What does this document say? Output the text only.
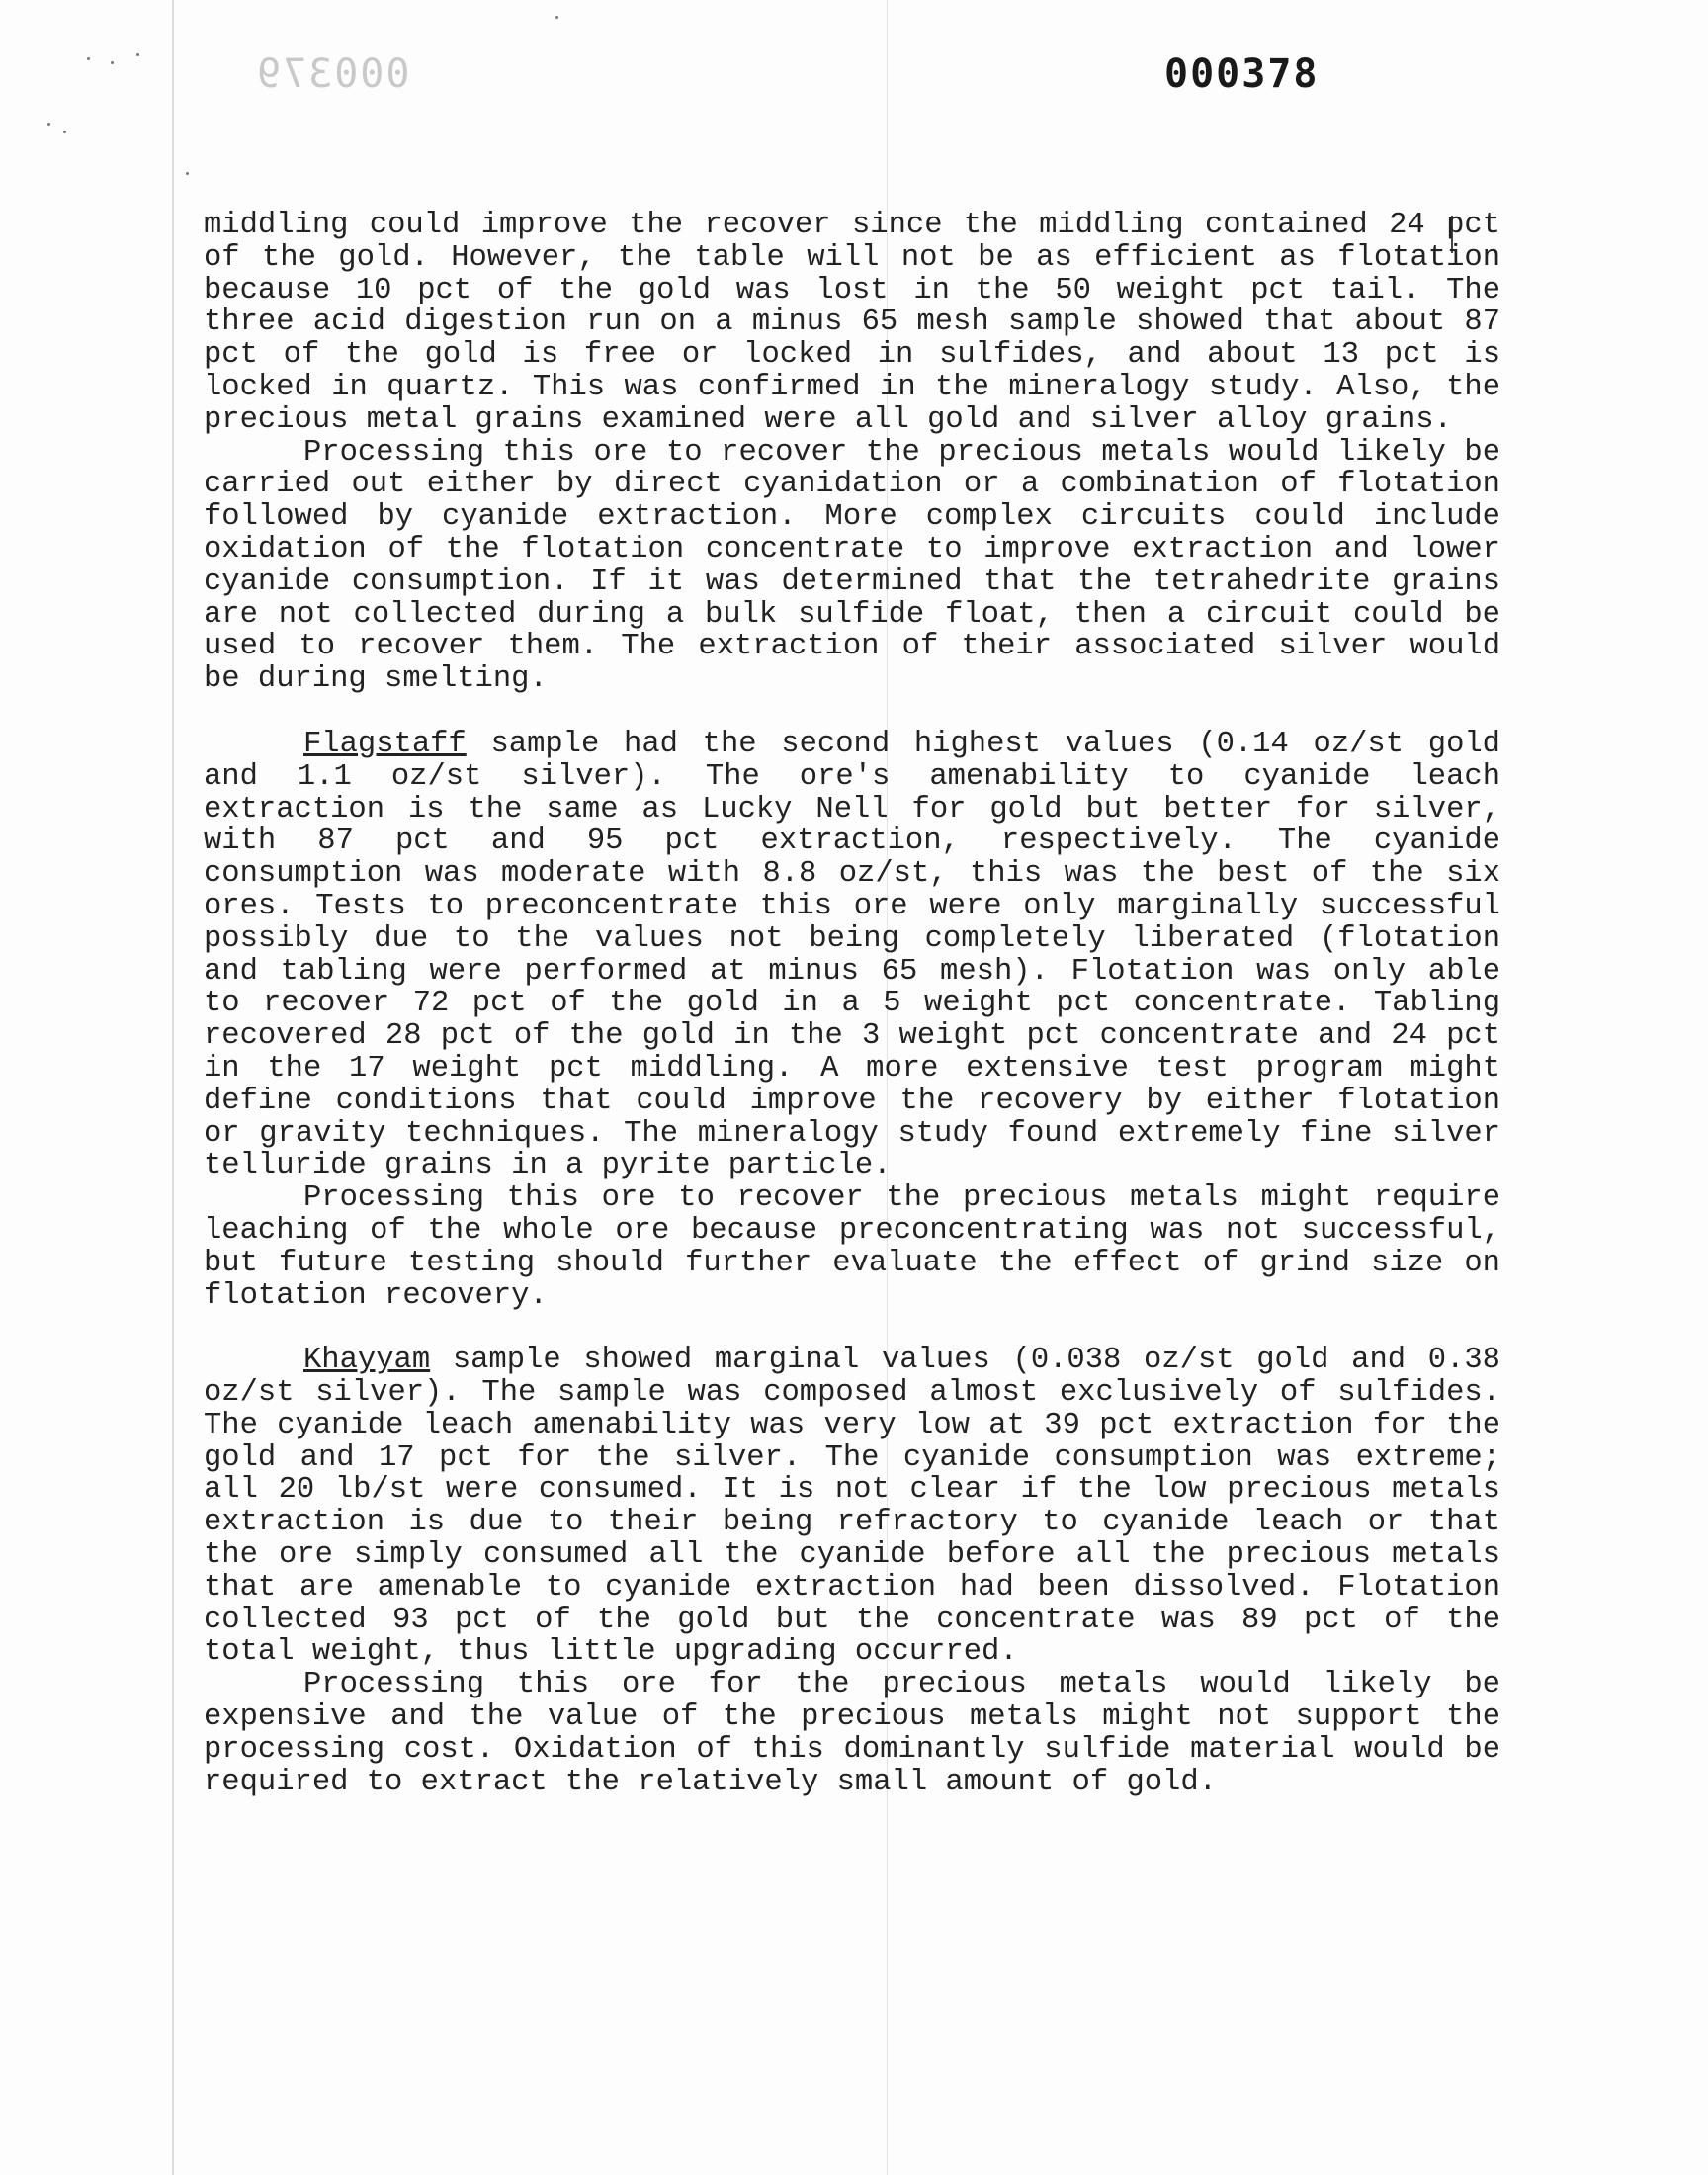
000379	000378

middling could improve the recover since the middling contained 24 pct of the gold. However, the table will not be as efficient as flotation because 10 pct of the gold was lost in the 50 weight pct tail. The three acid digestion run on a minus 65 mesh sample showed that about 87 pct of the gold is free or locked in sulfides, and about 13 pct is locked in quartz. This was confirmed in the mineralogy study. Also, the precious metal grains examined were all gold and silver alloy grains.

Processing this ore to recover the precious metals would likely be carried out either by direct cyanidation or a combination of flotation followed by cyanide extraction. More complex circuits could include oxidation of the flotation concentrate to improve extraction and lower cyanide consumption. If it was determined that the tetrahedrite grains are not collected during a bulk sulfide float, then a circuit could be used to recover them. The extraction of their associated silver would be during smelting.

Flagstaff sample had the second highest values (0.14 oz/st gold and 1.1 oz/st silver). The ore's amenability to cyanide leach extraction is the same as Lucky Nell for gold but better for silver, with 87 pct and 95 pct extraction, respectively. The cyanide consumption was moderate with 8.8 oz/st, this was the best of the six ores. Tests to preconcentrate this ore were only marginally successful possibly due to the values not being completely liberated (flotation and tabling were performed at minus 65 mesh). Flotation was only able to recover 72 pct of the gold in a 5 weight pct concentrate. Tabling recovered 28 pct of the gold in the 3 weight pct concentrate and 24 pct in the 17 weight pct middling. A more extensive test program might define conditions that could improve the recovery by either flotation or gravity techniques. The mineralogy study found extremely fine silver telluride grains in a pyrite particle.

Processing this ore to recover the precious metals might require leaching of the whole ore because preconcentrating was not successful, but future testing should further evaluate the effect of grind size on flotation recovery.

Khayyam sample showed marginal values (0.038 oz/st gold and 0.38 oz/st silver). The sample was composed almost exclusively of sulfides. The cyanide leach amenability was very low at 39 pct extraction for the gold and 17 pct for the silver. The cyanide consumption was extreme; all 20 lb/st were consumed. It is not clear if the low precious metals extraction is due to their being refractory to cyanide leach or that the ore simply consumed all the cyanide before all the precious metals that are amenable to cyanide extraction had been dissolved. Flotation collected 93 pct of the gold but the concentrate was 89 pct of the total weight, thus little upgrading occurred.

Processing this ore for the precious metals would likely be expensive and the value of the precious metals might not support the processing cost. Oxidation of this dominantly sulfide material would be required to extract the relatively small amount of gold.
